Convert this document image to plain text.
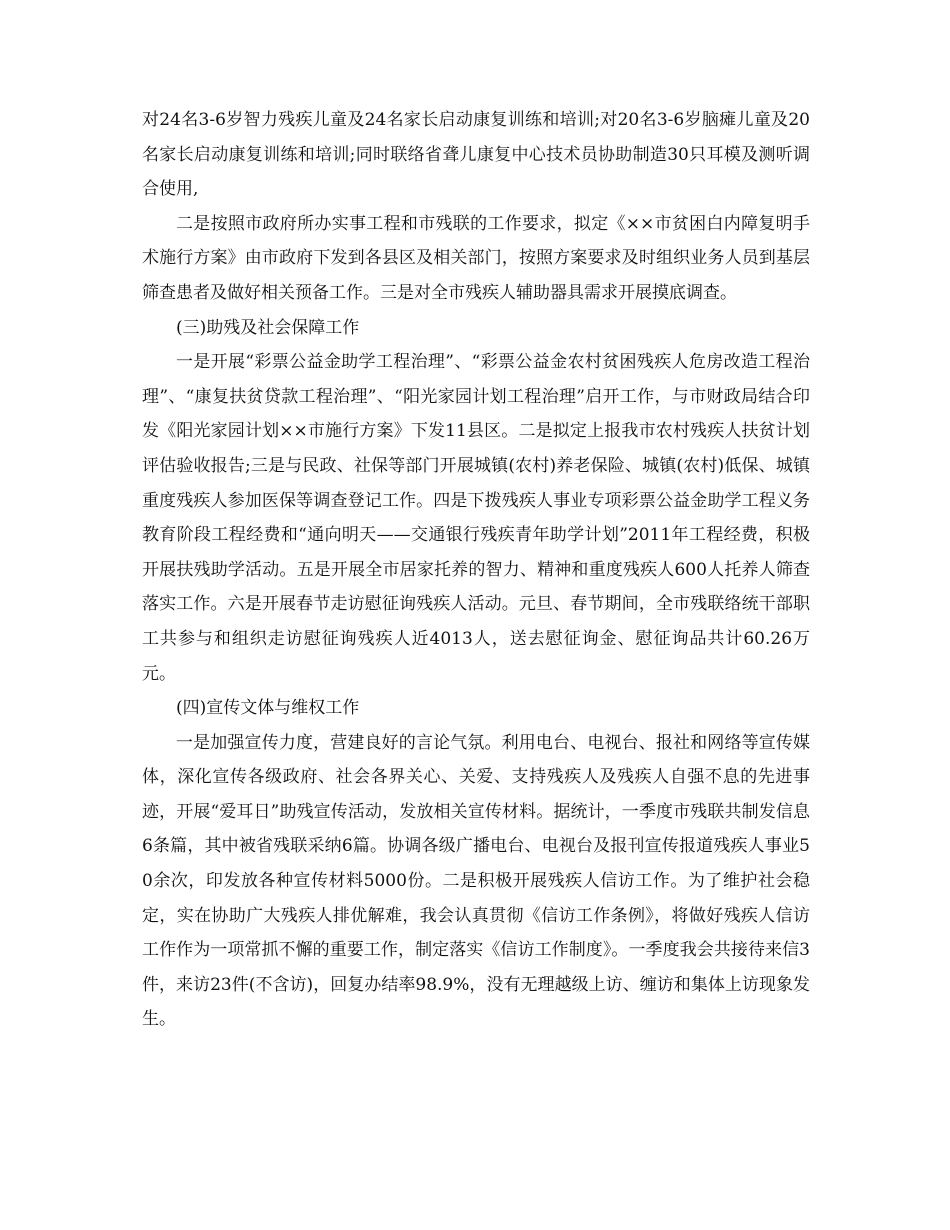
对24名3-6岁智力残疾儿童及24名家长启动康复训练和培训;对20名3-6岁脑瘫儿童及20名家长启动康复训练和培训;同时联络省聋儿康复中心技术员协助制造30只耳模及测听调合使用,

二是按照市政府所办实事工程和市残联的工作要求，拟定《××市贫困白内障复明手术施行方案》由市政府下发到各县区及相关部门，按照方案要求及时组织业务人员到基层筛查患者及做好相关预备工作。三是对全市残疾人辅助器具需求开展摸底调查。

(三)助残及社会保障工作

一是开展“彩票公益金助学工程治理”、“彩票公益金农村贫困残疾人危房改造工程治理”、“康复扶贫贷款工程治理”、“阳光家园计划工程治理”启开工作，与市财政局结合印发《阳光家园计划××市施行方案》下发11县区。二是拟定上报我市农村残疾人扶贫计划评估验收报告;三是与民政、社保等部门开展城镇(农村)养老保险、城镇(农村)低保、城镇重度残疾人参加医保等调查登记工作。四是下拨残疾人事业专项彩票公益金助学工程义务教育阶段工程经费和“通向明天——交通银行残疾青年助学计划”2011年工程经费，积极开展扶残助学活动。五是开展全市居家托养的智力、精神和重度残疾人600人托养人筛查落实工作。六是开展春节走访慰征询残疾人活动。元旦、春节期间，全市残联络统干部职工共参与和组织走访慰征询残疾人近4013人，送去慰征询金、慰征询品共计60.26万元。

(四)宣传文体与维权工作

一是加强宣传力度，营建良好的言论气氛。利用电台、电视台、报社和网络等宣传媒体，深化宣传各级政府、社会各界关心、关爱、支持残疾人及残疾人自强不息的先进事迹，开展“爱耳日”助残宣传活动，发放相关宣传材料。据统计，一季度市残联共制发信息6条篇，其中被省残联采纳6篇。协调各级广播电台、电视台及报刊宣传报道残疾人事业50余次，印发放各种宣传材料5000份。二是积极开展残疾人信访工作。为了维护社会稳定，实在协助广大残疾人排优解难，我会认真贯彻《信访工作条例》，将做好残疾人信访工作作为一项常抓不懈的重要工作，制定落实《信访工作制度》。一季度我会共接待来信3件，来访23件(不含访)，回复办结率98.9%，没有无理越级上访、缠访和集体上访现象发生。
